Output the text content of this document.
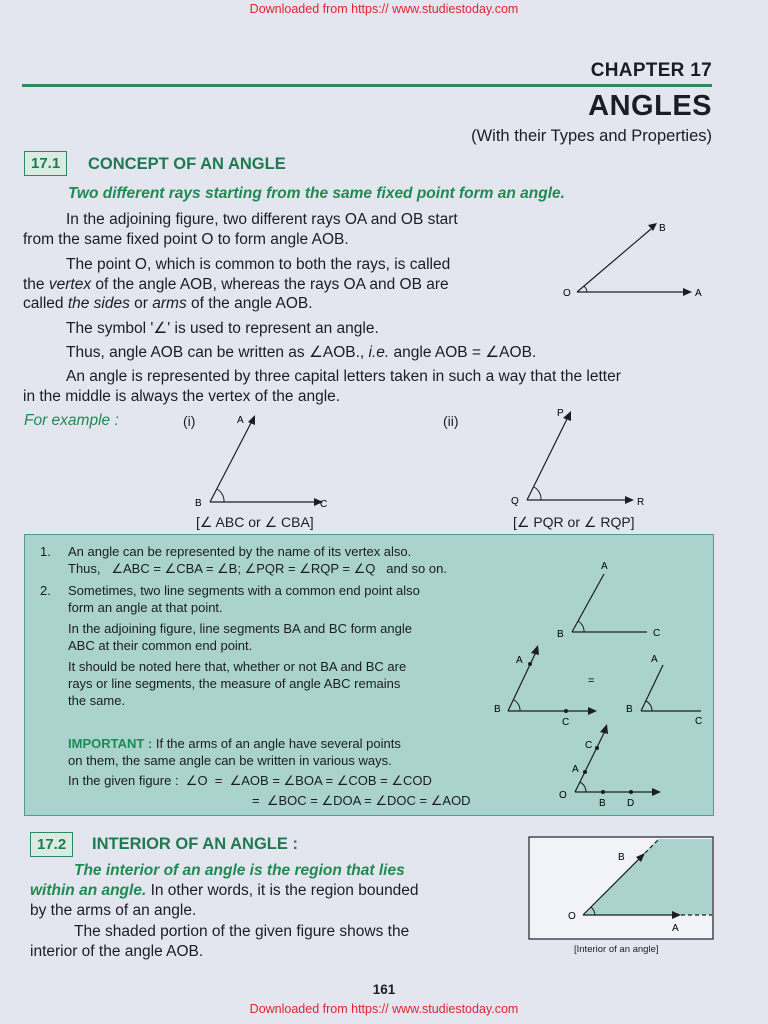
Downloaded from https:// www.studiestoday.com
CHAPTER 17
ANGLES
(With their Types and Properties)
17.1	CONCEPT OF AN ANGLE
Two different rays starting from the same fixed point form an angle.
In the adjoining figure, two different rays OA and OB start
from the same fixed point O to form angle AOB.
The point O, which is common to both the rays, is called
the vertex of the angle AOB, whereas the rays OA and OB are
called the sides or arms of the angle AOB.
The symbol '∠' is used to represent an angle.
Thus, angle AOB can be written as ∠AOB., i.e. angle AOB = ∠AOB.
An angle is represented by three capital letters taken in such a way that the letter
in the middle is always the vertex of the angle.
B
O	A
For example :	(i)	(ii)
A
B	C
[∠ ABC or ∠ CBA]
P
Q	R
[∠ PQR or ∠ RQP]
1. An angle can be represented by the name of its vertex also.
Thus,   ∠ABC = ∠CBA = ∠B; ∠PQR = ∠RQP = ∠Q   and so on.
2. Sometimes, two line segments with a common end point also
form an angle at that point.
In the adjoining figure, line segments BA and BC form angle
ABC at their common end point.
It should be noted here that, whether or not BA and BC are
rays or line segments, the measure of angle ABC remains
the same.
IMPORTANT : If the arms of an angle have several points
on them, the same angle can be written in various ways.
In the given figure :  ∠O  =  ∠AOB = ∠BOA = ∠COB = ∠COD
=  ∠BOC = ∠DOA = ∠DOC = ∠AOD
A
B	C
A
B
C
=
A
B
C
C
A
O
B D
17.2	INTERIOR OF AN ANGLE :
The interior of an angle is the region that lies
within an angle. In other words, it is the region bounded
by the arms of an angle.
The shaded portion of the given figure shows the
interior of the angle AOB.
B
O
A
[Interior of an angle]
161
Downloaded from https:// www.studiestoday.com
